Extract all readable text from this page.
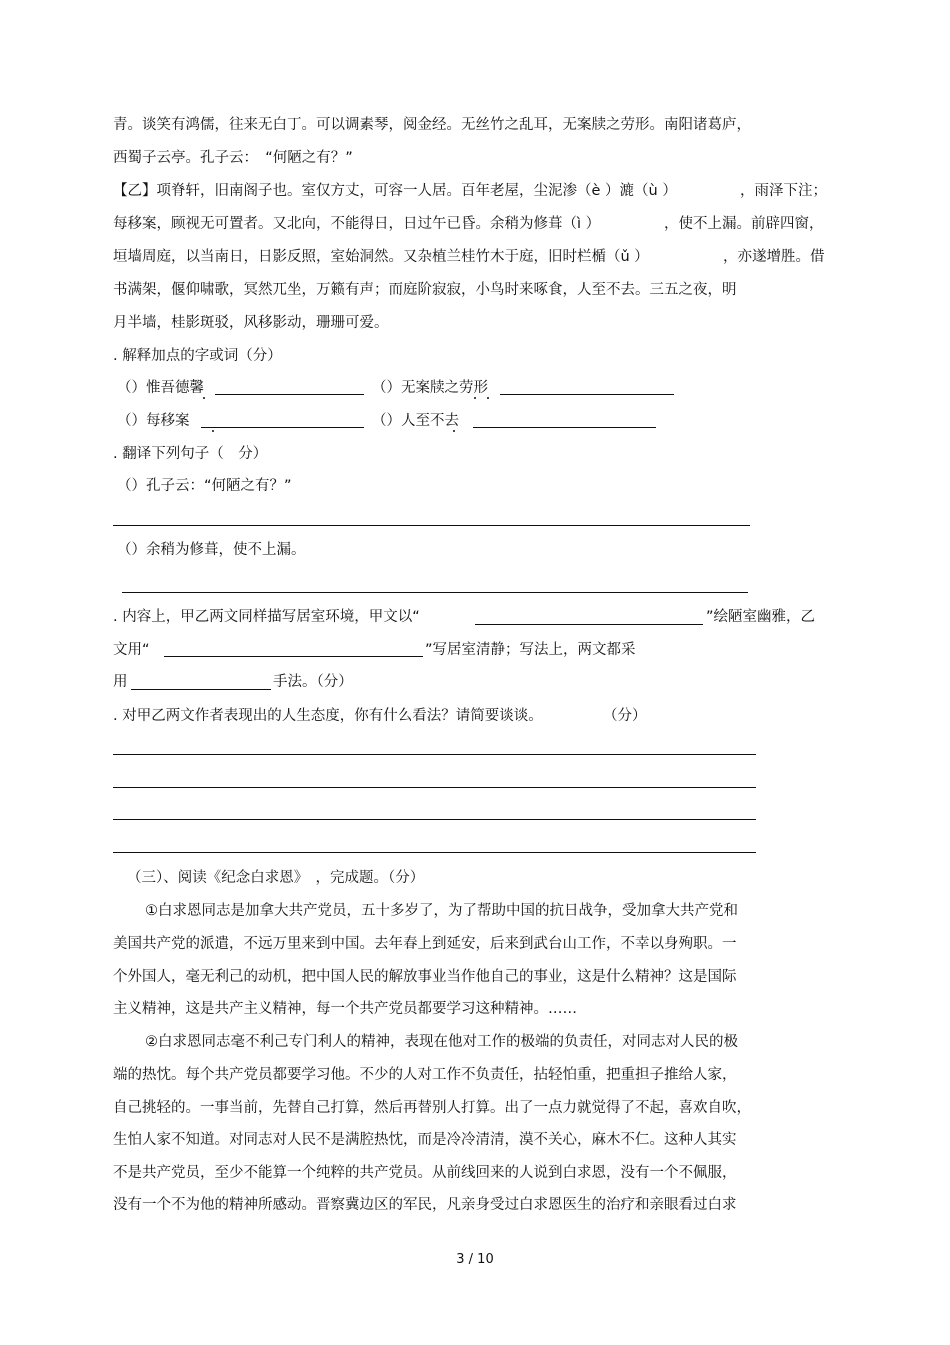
青。谈笑有鸿儒，往来无白丁。可以调素琴，阅金经。无丝竹之乱耳，无案牍之劳形。南阳诸葛庐，
西蜀子云亭。孔子云：　“何陋之有？”
【乙】项脊轩，旧南阁子也。室仅方丈，可容一人居。百年老屋，尘泥渗（è ）漉（ù ）	，雨泽下注；
每移案，顾视无可置者。又北向，不能得日，日过午已昏。余稍为修葺（ì ）	，使不上漏。前辟四窗，
垣墙周庭，以当南日，日影反照，室始洞然。又杂植兰桂竹木于庭，旧时栏楯（ǔ ）	，亦遂增胜。借
书满架，偃仰啸歌，冥然兀坐，万籁有声；而庭阶寂寂，小鸟时来啄食，人至不去。三五之夜，明
月半墙，桂影斑驳，风移影动，珊珊可爱。
. 解释加点的字或词（分）
（）惟吾德馨	（）无案牍之劳形
（）每移案	（）人至不去
. 翻译下列句子（　分）
（）孔子云：“何陋之有？”
（）余稍为修葺，使不上漏。
. 内容上，甲乙两文同样描写居室环境，甲文以“	”绘陋室幽雅，乙
文用“	”写居室清静；写法上，两文都采
用	手法。（分）
. 对甲乙两文作者表现出的人生态度，你有什么看法？请简要谈谈。	（分）
（三）、阅读《纪念白求恩》　，完成题。（分）
①白求恩同志是加拿大共产党员，五十多岁了，为了帮助中国的抗日战争，受加拿大共产党和
美国共产党的派遣，不远万里来到中国。去年春上到延安，后来到武台山工作，不幸以身殉职。一
个外国人，毫无利己的动机，把中国人民的解放事业当作他自己的事业，这是什么精神？这是国际
主义精神，这是共产主义精神，每一个共产党员都要学习这种精神。……
②白求恩同志毫不利己专门利人的精神，表现在他对工作的极端的负责任，对同志对人民的极
端的热忱。每个共产党员都要学习他。不少的人对工作不负责任，拈轻怕重，把重担子推给人家，
自己挑轻的。一事当前，先替自己打算，然后再替别人打算。出了一点力就觉得了不起，喜欢自吹，
生怕人家不知道。对同志对人民不是满腔热忱，而是冷冷清清，漠不关心，麻木不仁。这种人其实
不是共产党员，至少不能算一个纯粹的共产党员。从前线回来的人说到白求恩，没有一个不佩服，
没有一个不为他的精神所感动。晋察冀边区的军民，凡亲身受过白求恩医生的治疗和亲眼看过白求
3 / 10
